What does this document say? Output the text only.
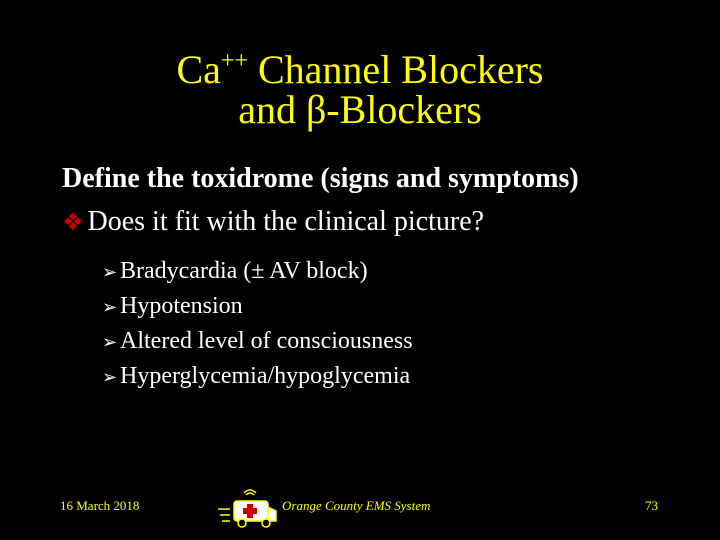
Ca++ Channel Blockers
and β-Blockers
Define the toxidrome (signs and symptoms)
❖ Does it fit with the clinical picture?
➢ Bradycardia (± AV block)
➢ Hypotension
➢ Altered level of consciousness
➢ Hyperglycemia/hypoglycemia
16 March 2018	Orange County EMS System	73
